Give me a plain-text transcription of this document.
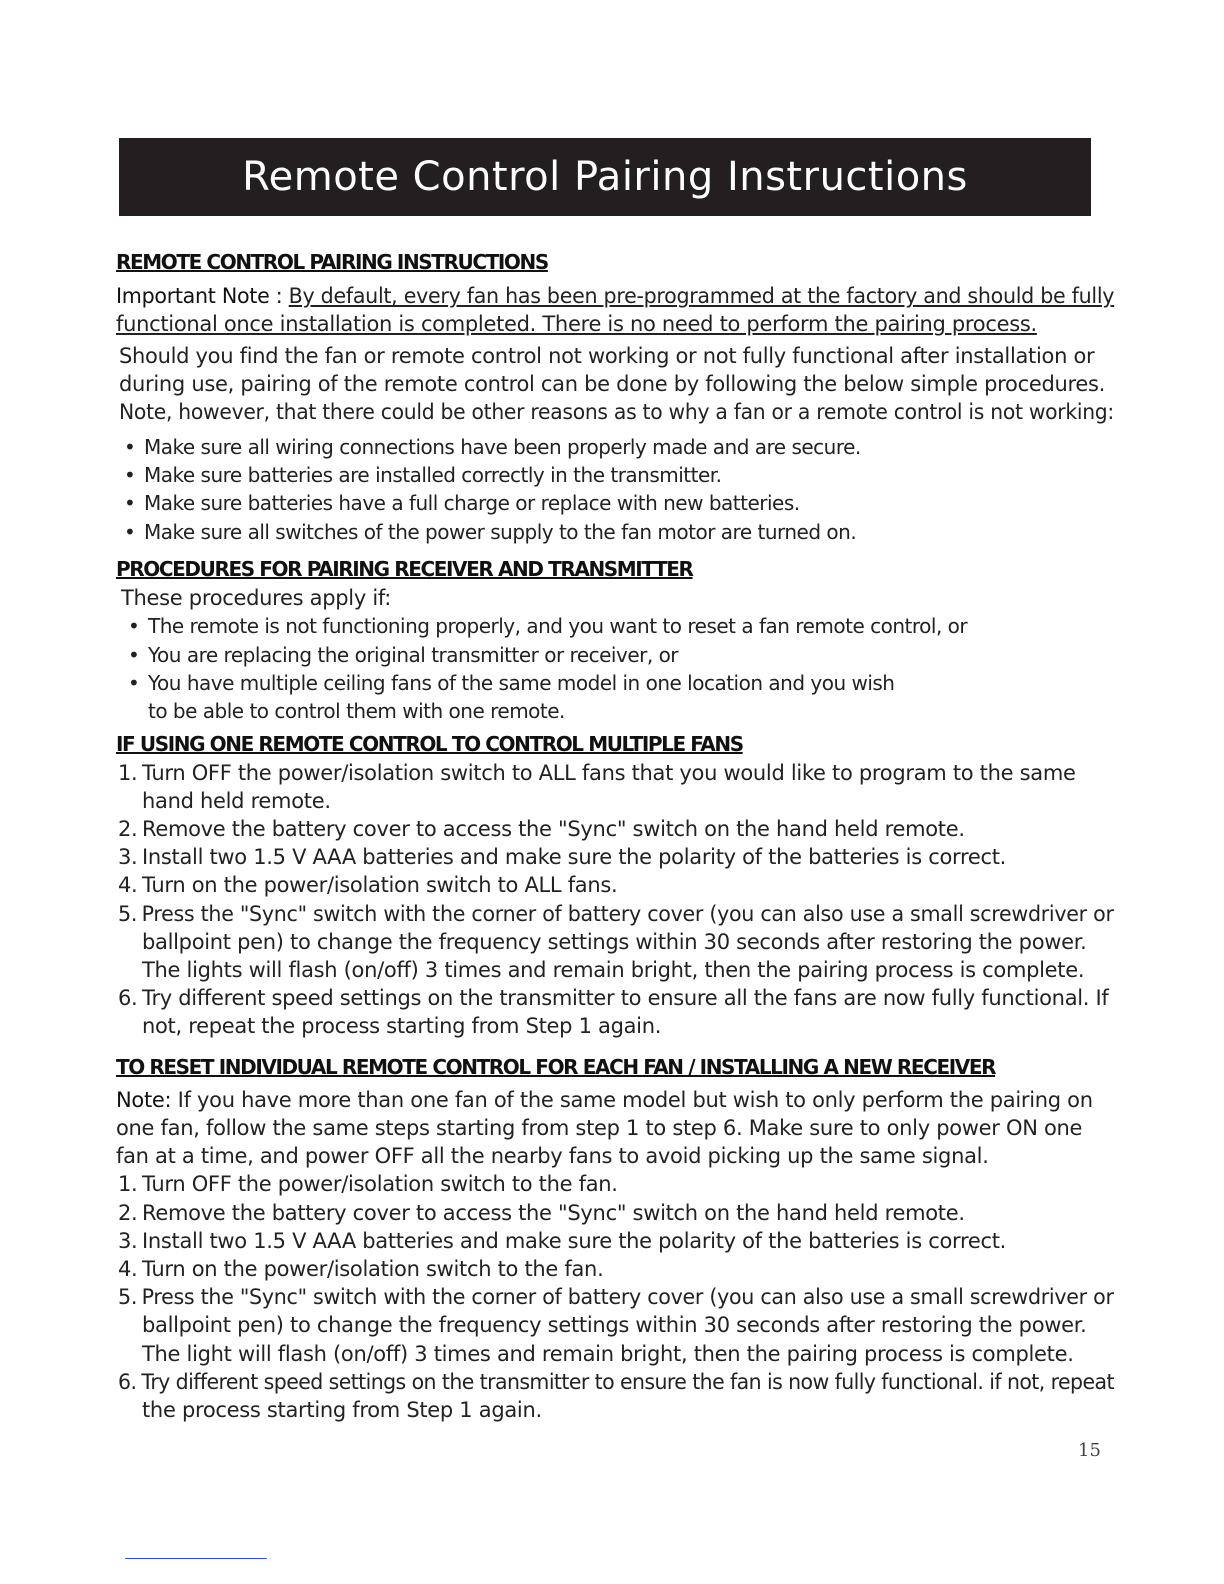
Remote Control Pairing Instructions
REMOTE CONTROL PAIRING INSTRUCTIONS
Important Note : By default, every fan has been pre-programmed at the factory and should be fully
functional once installation is completed. There is no need to perform the pairing process.
Should you find the fan or remote control not working or not fully functional after installation or
during use, pairing of the remote control can be done by following the below simple procedures.
Note, however, that there could be other reasons as to why a fan or a remote control is not working:
• Make sure all wiring connections have been properly made and are secure.
• Make sure batteries are installed correctly in the transmitter.
• Make sure batteries have a full charge or replace with new batteries.
• Make sure all switches of the power supply to the fan motor are turned on.
PROCEDURES FOR PAIRING RECEIVER AND TRANSMITTER
These procedures apply if:
• The remote is not functioning properly, and you want to reset a fan remote control, or
• You are replacing the original transmitter or receiver, or
• You have multiple ceiling fans of the same model in one location and you wish
to be able to control them with one remote.
IF USING ONE REMOTE CONTROL TO CONTROL MULTIPLE FANS
1. Turn OFF the power/isolation switch to ALL fans that you would like to program to the same
hand held remote.
2. Remove the battery cover to access the "Sync" switch on the hand held remote.
3. Install two 1.5 V AAA batteries and make sure the polarity of the batteries is correct.
4. Turn on the power/isolation switch to ALL fans.
5. Press the "Sync" switch with the corner of battery cover (you can also use a small screwdriver or
ballpoint pen) to change the frequency settings within 30 seconds after restoring the power.
The lights will flash (on/off) 3 times and remain bright, then the pairing process is complete.
6. Try different speed settings on the transmitter to ensure all the fans are now fully functional. If
not, repeat the process starting from Step 1 again.
TO RESET INDIVIDUAL REMOTE CONTROL FOR EACH FAN / INSTALLING A NEW RECEIVER
Note: If you have more than one fan of the same model but wish to only perform the pairing on
one fan, follow the same steps starting from step 1 to step 6. Make sure to only power ON one
fan at a time, and power OFF all the nearby fans to avoid picking up the same signal.
1. Turn OFF the power/isolation switch to the fan.
2. Remove the battery cover to access the "Sync" switch on the hand held remote.
3. Install two 1.5 V AAA batteries and make sure the polarity of the batteries is correct.
4. Turn on the power/isolation switch to the fan.
5. Press the "Sync" switch with the corner of battery cover (you can also use a small screwdriver or
ballpoint pen) to change the frequency settings within 30 seconds after restoring the power.
The light will flash (on/off) 3 times and remain bright, then the pairing process is complete.
6. Try different speed settings on the transmitter to ensure the fan is now fully functional. if not, repeat
the process starting from Step 1 again.
15
